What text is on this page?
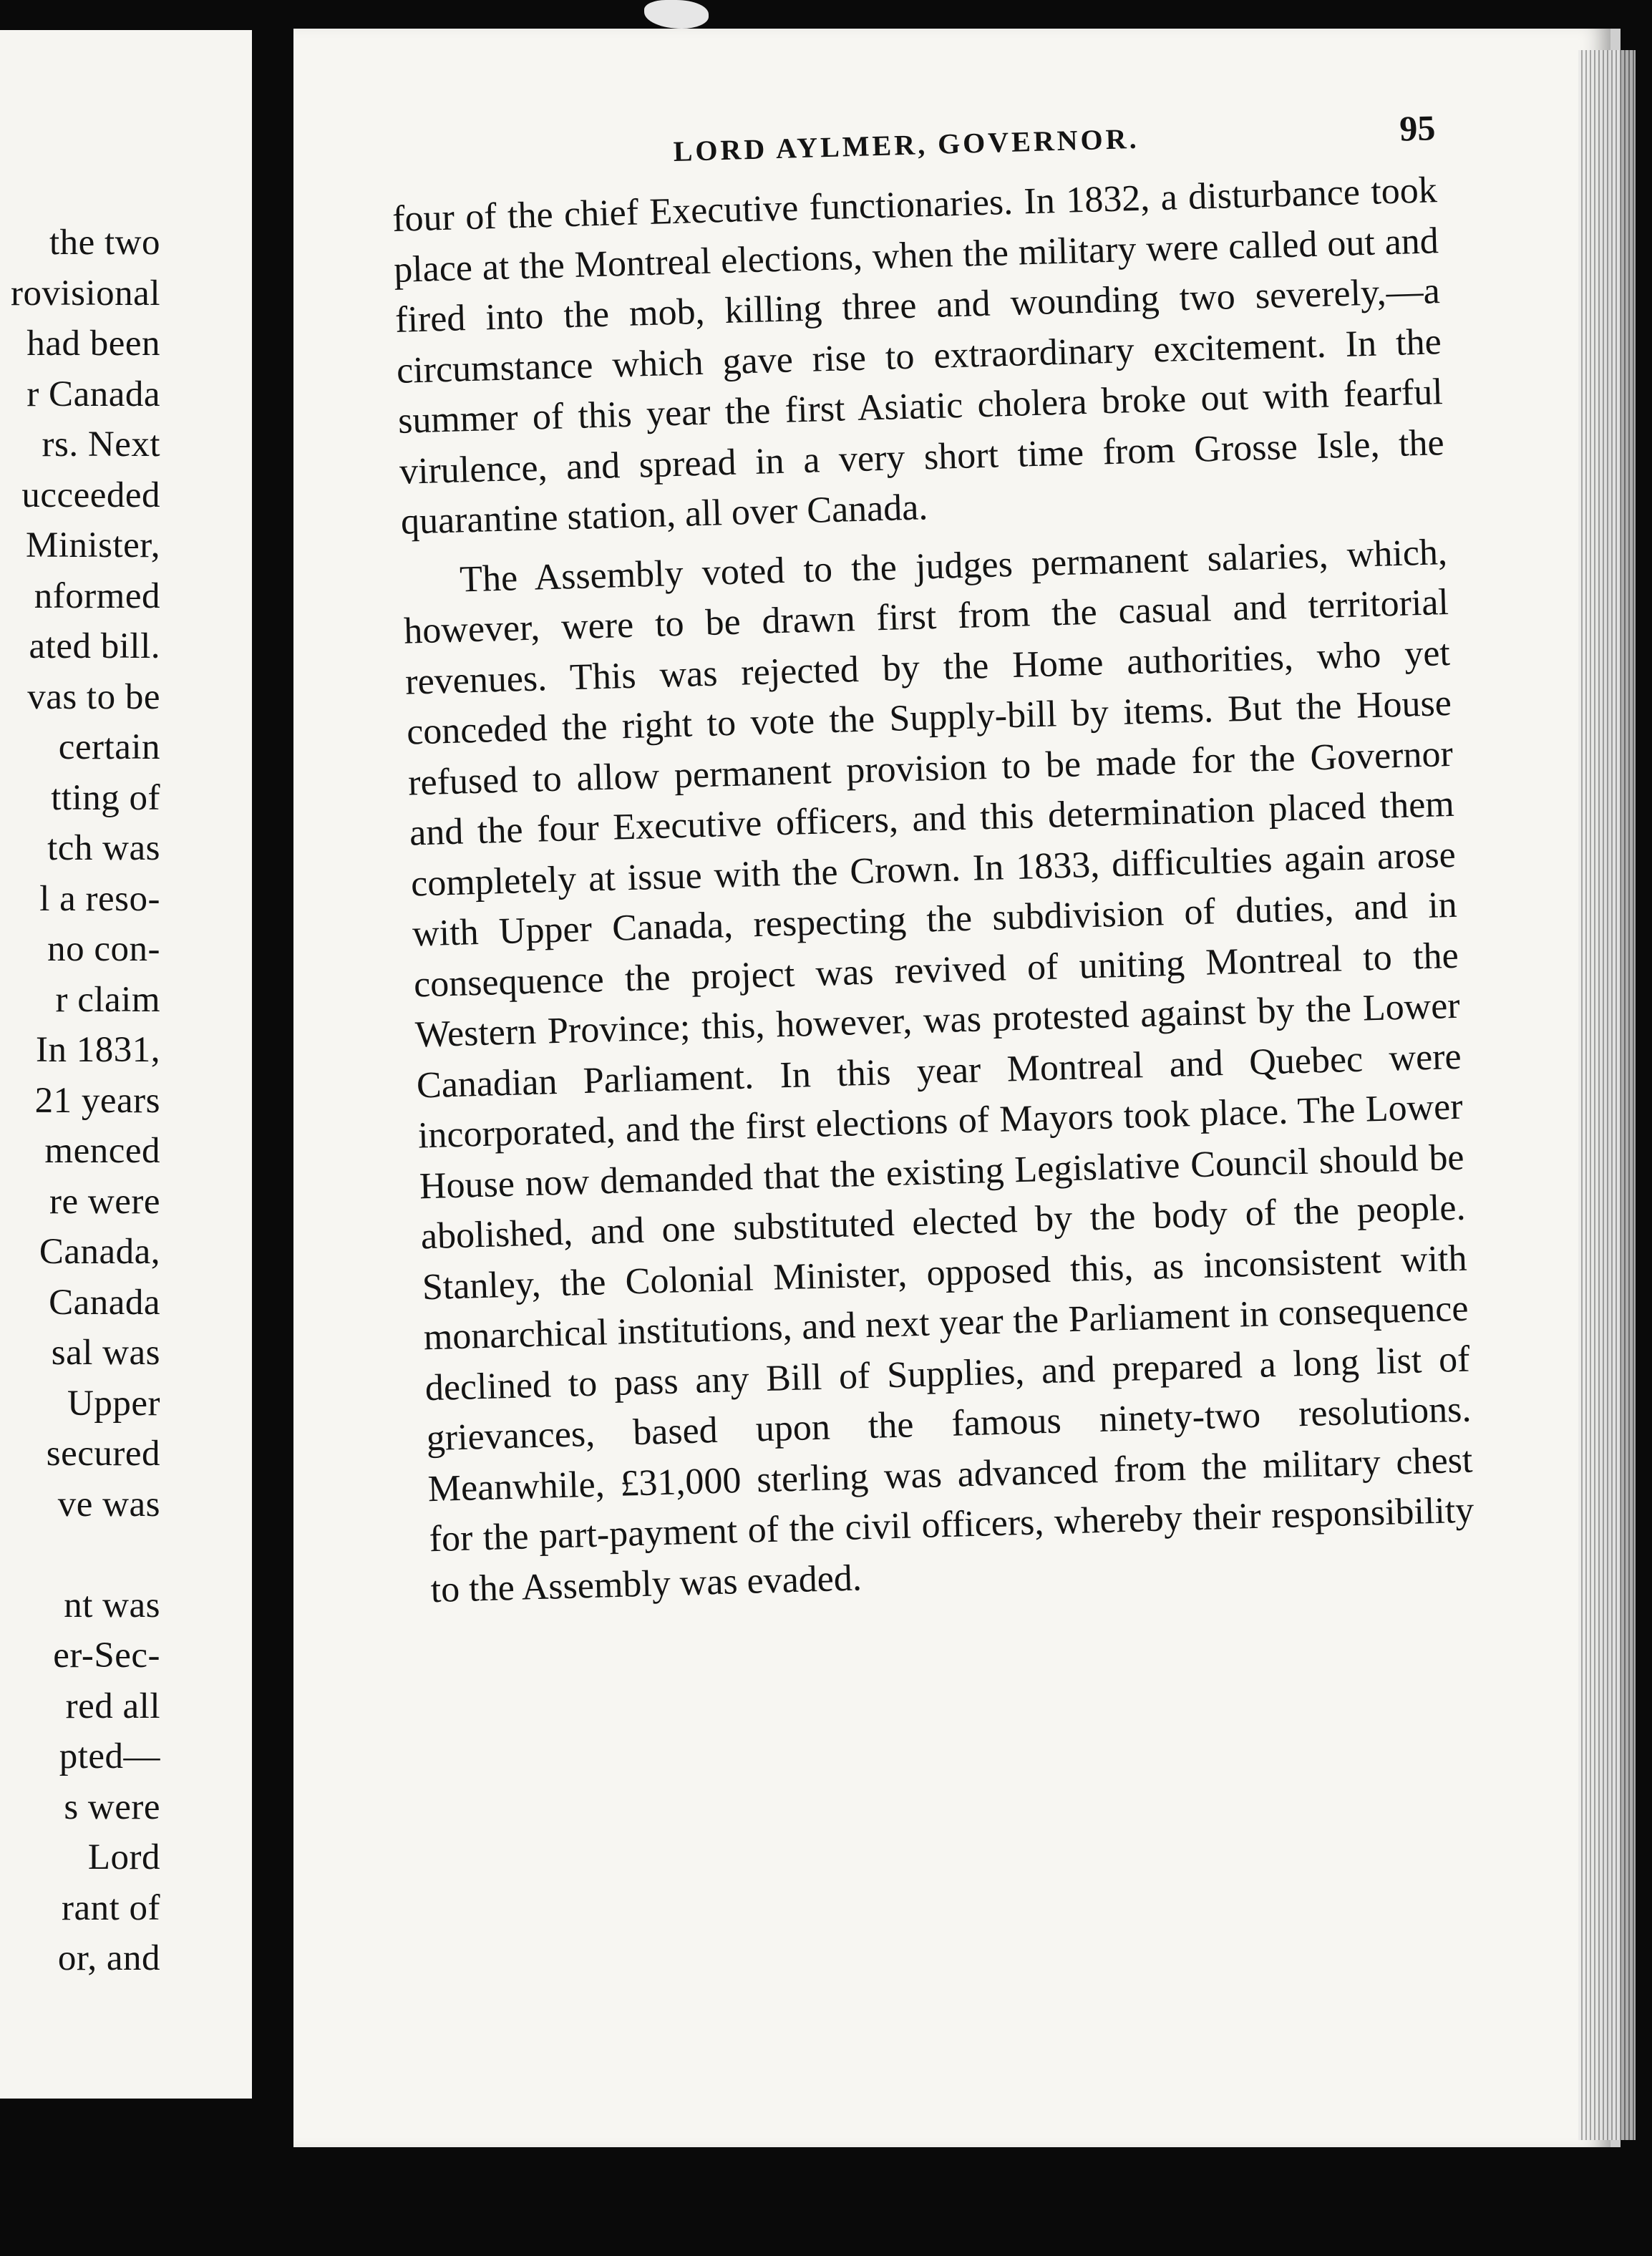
the two
rovisional
had been
r Canada
rs. Next
ucceeded
Minister,
nformed
ated bill.
vas to be
certain
tting of
tch was
l a reso-
no con-
r claim
In 1831,
21 years
menced
re were
Canada,
Canada
sal was
Upper
secured
ve was

nt was
er-Sec-
red all
pted—
s were
Lord
rant of
or, and
LORD AYLMER, GOVERNOR.	95

four of the chief Executive functionaries. In 1832, a disturbance took place at the Montreal elections, when the military were called out and fired into the mob, killing three and wounding two severely,—a circumstance which gave rise to extraordinary excitement. In the summer of this year the first Asiatic cholera broke out with fearful virulence, and spread in a very short time from Grosse Isle, the quarantine station, all over Canada.

The Assembly voted to the judges permanent salaries, which, however, were to be drawn first from the casual and territorial revenues. This was rejected by the Home authorities, who yet conceded the right to vote the Supply-bill by items. But the House refused to allow permanent provision to be made for the Governor and the four Executive officers, and this determination placed them completely at issue with the Crown. In 1833, difficulties again arose with Upper Canada, respecting the subdivision of duties, and in consequence the project was revived of uniting Montreal to the Western Province; this, however, was protested against by the Lower Canadian Parliament. In this year Montreal and Quebec were incorporated, and the first elections of Mayors took place. The Lower House now demanded that the existing Legislative Council should be abolished, and one substituted elected by the body of the people. Stanley, the Colonial Minister, opposed this, as inconsistent with monarchical institutions, and next year the Parliament in consequence declined to pass any Bill of Supplies, and prepared a long list of grievances, based upon the famous ninety-two resolutions. Meanwhile, £31,000 sterling was advanced from the military chest for the part-payment of the civil officers, whereby their responsibility to the Assembly was evaded.
